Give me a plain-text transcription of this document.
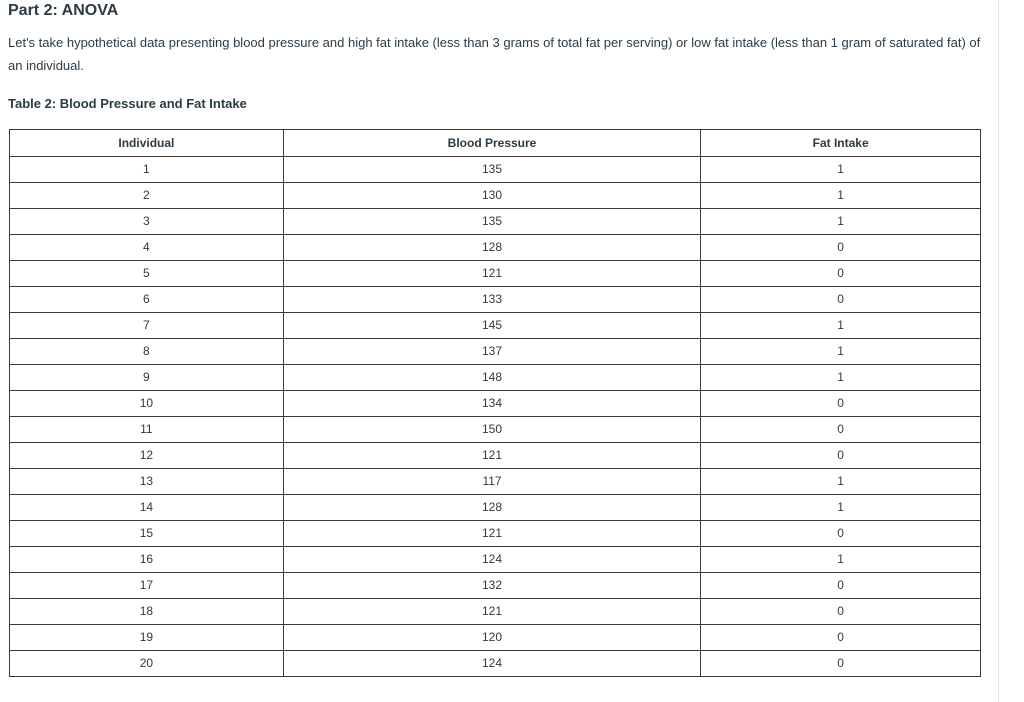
Part 2: ANOVA

Let's take hypothetical data presenting blood pressure and high fat intake (less than 3 grams of total fat per serving) or low fat intake (less than 1 gram of saturated fat) of an individual.

Table 2: Blood Pressure and Fat Intake

Individual	Blood Pressure	Fat Intake
1	135	1
2	130	1
3	135	1
4	128	0
5	121	0
6	133	0
7	145	1
8	137	1
9	148	1
10	134	0
11	150	0
12	121	0
13	117	1
14	128	1
15	121	0
16	124	1
17	132	0
18	121	0
19	120	0
20	124	0
